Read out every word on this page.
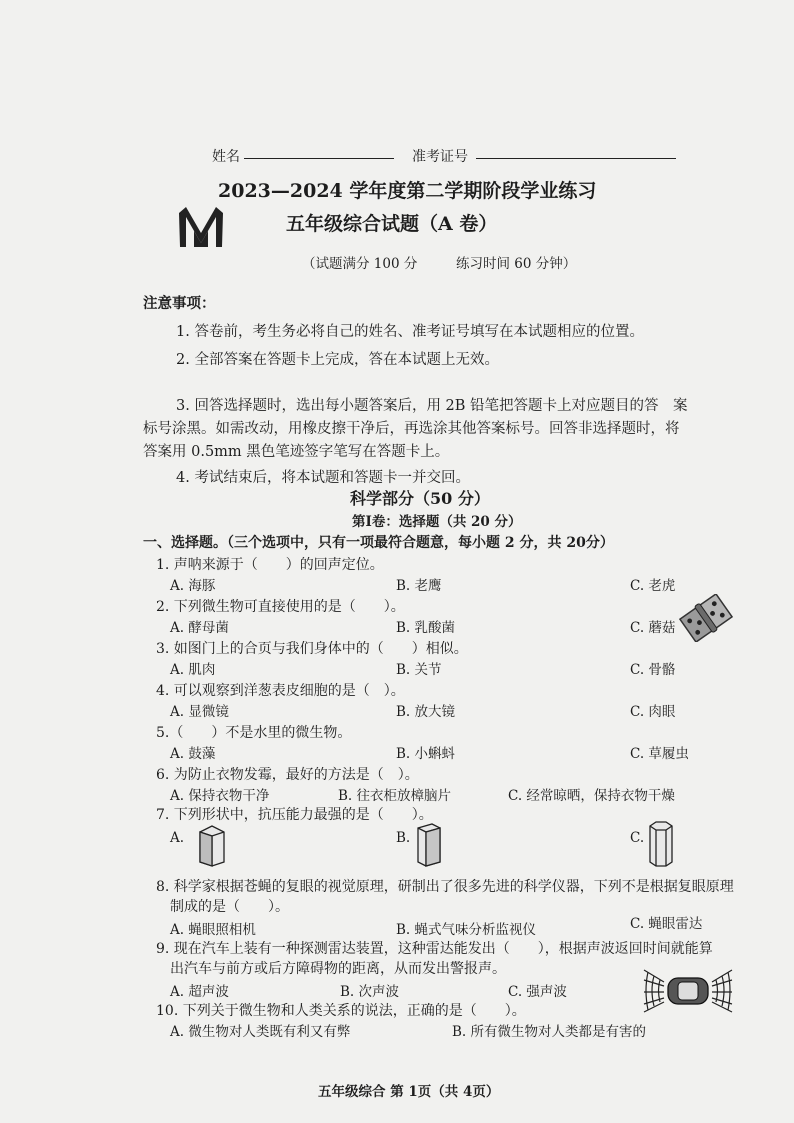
姓名	准考证号
2023—2024 学年度第二学期阶段学业练习
五年级综合试题（A 卷）
（试题满分 100 分	练习时间 60 分钟）
注意事项：
1. 答卷前，考生务必将自己的姓名、准考证号填写在本试题相应的位置。
2. 全部答案在答题卡上完成，答在本试题上无效。
3. 回答选择题时，选出每小题答案后，用 2B 铅笔把答题卡上对应题目的答　案
标号涂黑。如需改动，用橡皮擦干净后，再选涂其他答案标号。回答非选择题时，将
答案用 0.5mm 黑色笔迹签字笔写在答题卡上。
4. 考试结束后，将本试题和答题卡一并交回。
科学部分（50 分）
第Ⅰ卷：选择题（共 20 分）
一、选择题。（三个选项中，只有一项最符合题意，每小题 2 分，共 20分）
1. 声呐来源于（　　）的回声定位。
A. 海豚	B. 老鹰	C. 老虎
2. 下列微生物可直接使用的是（　　）。
A. 酵母菌	B. 乳酸菌	C. 蘑菇
3. 如图门上的合页与我们身体中的（　　）相似。
A. 肌肉	B. 关节	C. 骨骼
4. 可以观察到洋葱表皮细胞的是（　）。
A. 显微镜	B. 放大镜	C. 肉眼
5.（　　）不是水里的微生物。
A. 鼓藻	B. 小蝌蚪	C. 草履虫
6. 为防止衣物发霉，最好的方法是（　）。
A. 保持衣物干净	B. 往衣柜放樟脑片	C. 经常晾晒，保持衣物干燥
7. 下列形状中，抗压能力最强的是（　　）。
A.	B.	C.
8. 科学家根据苍蝇的复眼的视觉原理，研制出了很多先进的科学仪器，下列不是根据复眼原理
制成的是（　　）。
A. 蝇眼照相机	B. 蝇式气味分析监视仪	C. 蝇眼雷达
9. 现在汽车上装有一种探测雷达装置，这种雷达能发出（　　），根据声波返回时间就能算
出汽车与前方或后方障碍物的距离，从而发出警报声。
A. 超声波	B. 次声波	C. 强声波
10. 下列关于微生物和人类关系的说法，正确的是（　　）。
A. 微生物对人类既有利又有弊	B. 所有微生物对人类都是有害的
五年级综合 第 1页（共 4页）
